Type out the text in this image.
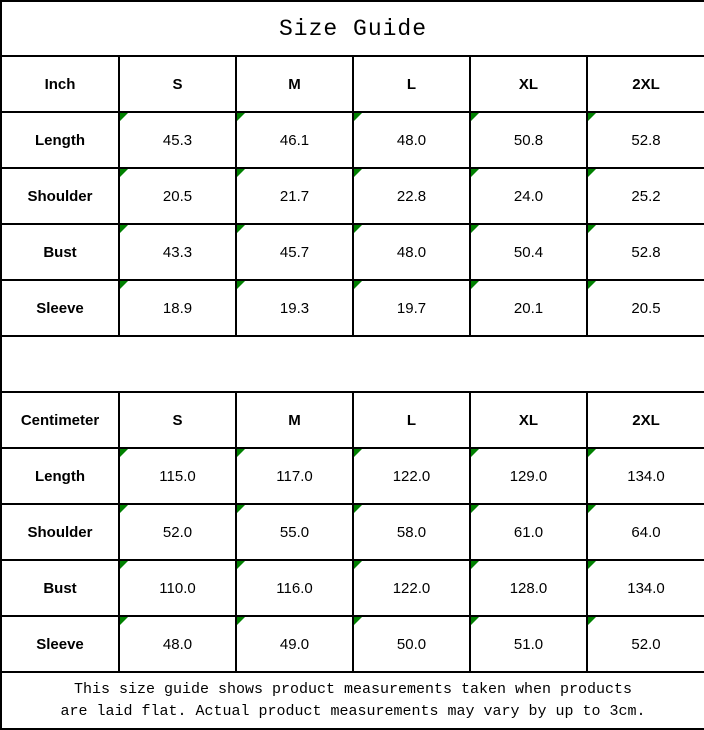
Size Guide					
Inch	S	M	L	XL	2XL
Length	45.3	46.1	48.0	50.8	52.8
Shoulder	20.5	21.7	22.8	24.0	25.2
Bust	43.3	45.7	48.0	50.4	52.8
Sleeve	18.9	19.3	19.7	20.1	20.5

Centimeter	S	M	L	XL	2XL
Length	115.0	117.0	122.0	129.0	134.0
Shoulder	52.0	55.0	58.0	61.0	64.0
Bust	110.0	116.0	122.0	128.0	134.0
Sleeve	48.0	49.0	50.0	51.0	52.0

This size guide shows product measurements taken when products
are laid flat. Actual product measurements may vary by up to 3cm.					
